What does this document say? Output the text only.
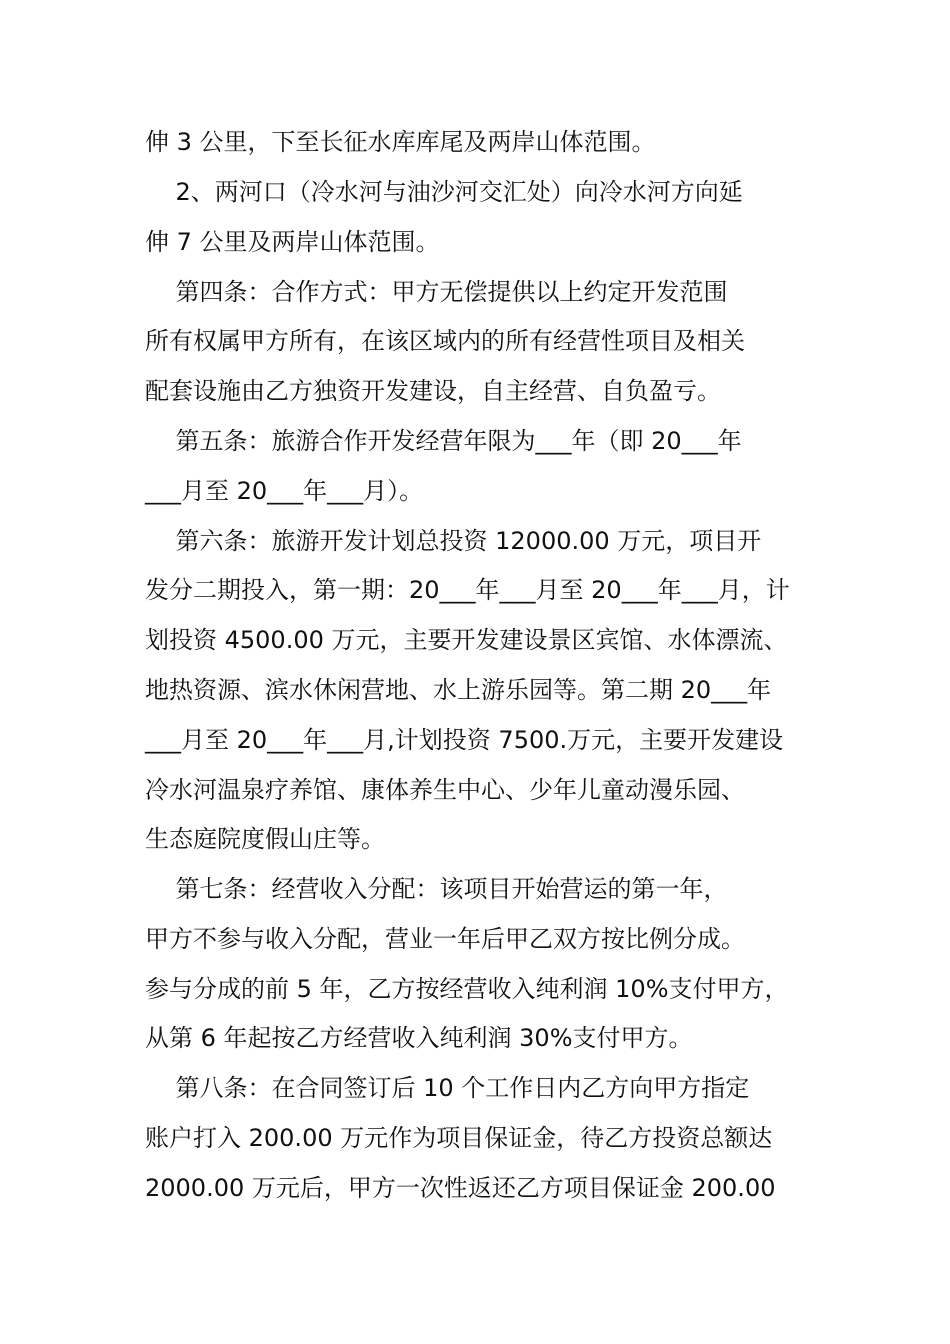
伸 3 公里，下至长征水库库尾及两岸山体范围。

2、两河口（冷水河与油沙河交汇处）向冷水河方向延

伸 7 公里及两岸山体范围。

第四条：合作方式：甲方无偿提供以上约定开发范围

所有权属甲方所有，在该区域内的所有经营性项目及相关

配套设施由乙方独资开发建设，自主经营、自负盈亏。

第五条：旅游合作开发经营年限为___年（即 20___年

___月至 20___年___月）。

第六条：旅游开发计划总投资 12000.00 万元，项目开

发分二期投入，第一期：20___年___月至 20___年___月，计

划投资 4500.00 万元，主要开发建设景区宾馆、水体漂流、

地热资源、滨水休闲营地、水上游乐园等。第二期 20___年

___月至 20___年___月,计划投资 7500.万元，主要开发建设

冷水河温泉疗养馆、康体养生中心、少年儿童动漫乐园、

生态庭院度假山庄等。

第七条：经营收入分配：该项目开始营运的第一年，

甲方不参与收入分配，营业一年后甲乙双方按比例分成。

参与分成的前 5 年，乙方按经营收入纯利润 10%支付甲方，

从第 6 年起按乙方经营收入纯利润 30%支付甲方。

第八条：在合同签订后 10 个工作日内乙方向甲方指定

账户打入 200.00 万元作为项目保证金，待乙方投资总额达

2000.00 万元后，甲方一次性返还乙方项目保证金 200.00
